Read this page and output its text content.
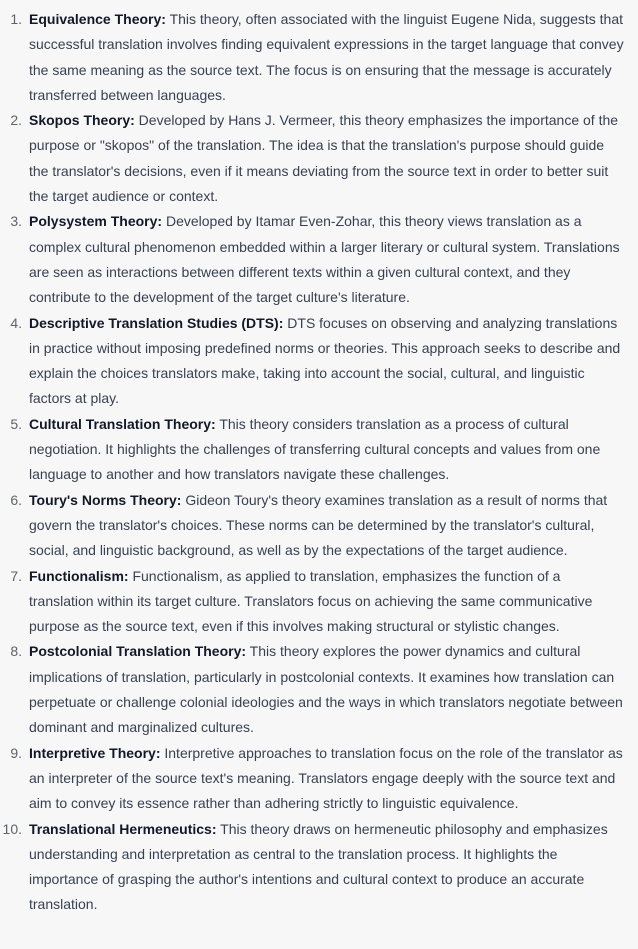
1. Equivalence Theory: This theory, often associated with the linguist Eugene Nida, suggests that successful translation involves finding equivalent expressions in the target language that convey the same meaning as the source text. The focus is on ensuring that the message is accurately transferred between languages.
2. Skopos Theory: Developed by Hans J. Vermeer, this theory emphasizes the importance of the purpose or "skopos" of the translation. The idea is that the translation's purpose should guide the translator's decisions, even if it means deviating from the source text in order to better suit the target audience or context.
3. Polysystem Theory: Developed by Itamar Even-Zohar, this theory views translation as a complex cultural phenomenon embedded within a larger literary or cultural system. Translations are seen as interactions between different texts within a given cultural context, and they contribute to the development of the target culture's literature.
4. Descriptive Translation Studies (DTS): DTS focuses on observing and analyzing translations in practice without imposing predefined norms or theories. This approach seeks to describe and explain the choices translators make, taking into account the social, cultural, and linguistic factors at play.
5. Cultural Translation Theory: This theory considers translation as a process of cultural negotiation. It highlights the challenges of transferring cultural concepts and values from one language to another and how translators navigate these challenges.
6. Toury's Norms Theory: Gideon Toury's theory examines translation as a result of norms that govern the translator's choices. These norms can be determined by the translator's cultural, social, and linguistic background, as well as by the expectations of the target audience.
7. Functionalism: Functionalism, as applied to translation, emphasizes the function of a translation within its target culture. Translators focus on achieving the same communicative purpose as the source text, even if this involves making structural or stylistic changes.
8. Postcolonial Translation Theory: This theory explores the power dynamics and cultural implications of translation, particularly in postcolonial contexts. It examines how translation can perpetuate or challenge colonial ideologies and the ways in which translators negotiate between dominant and marginalized cultures.
9. Interpretive Theory: Interpretive approaches to translation focus on the role of the translator as an interpreter of the source text's meaning. Translators engage deeply with the source text and aim to convey its essence rather than adhering strictly to linguistic equivalence.
10. Translational Hermeneutics: This theory draws on hermeneutic philosophy and emphasizes understanding and interpretation as central to the translation process. It highlights the importance of grasping the author's intentions and cultural context to produce an accurate translation.
